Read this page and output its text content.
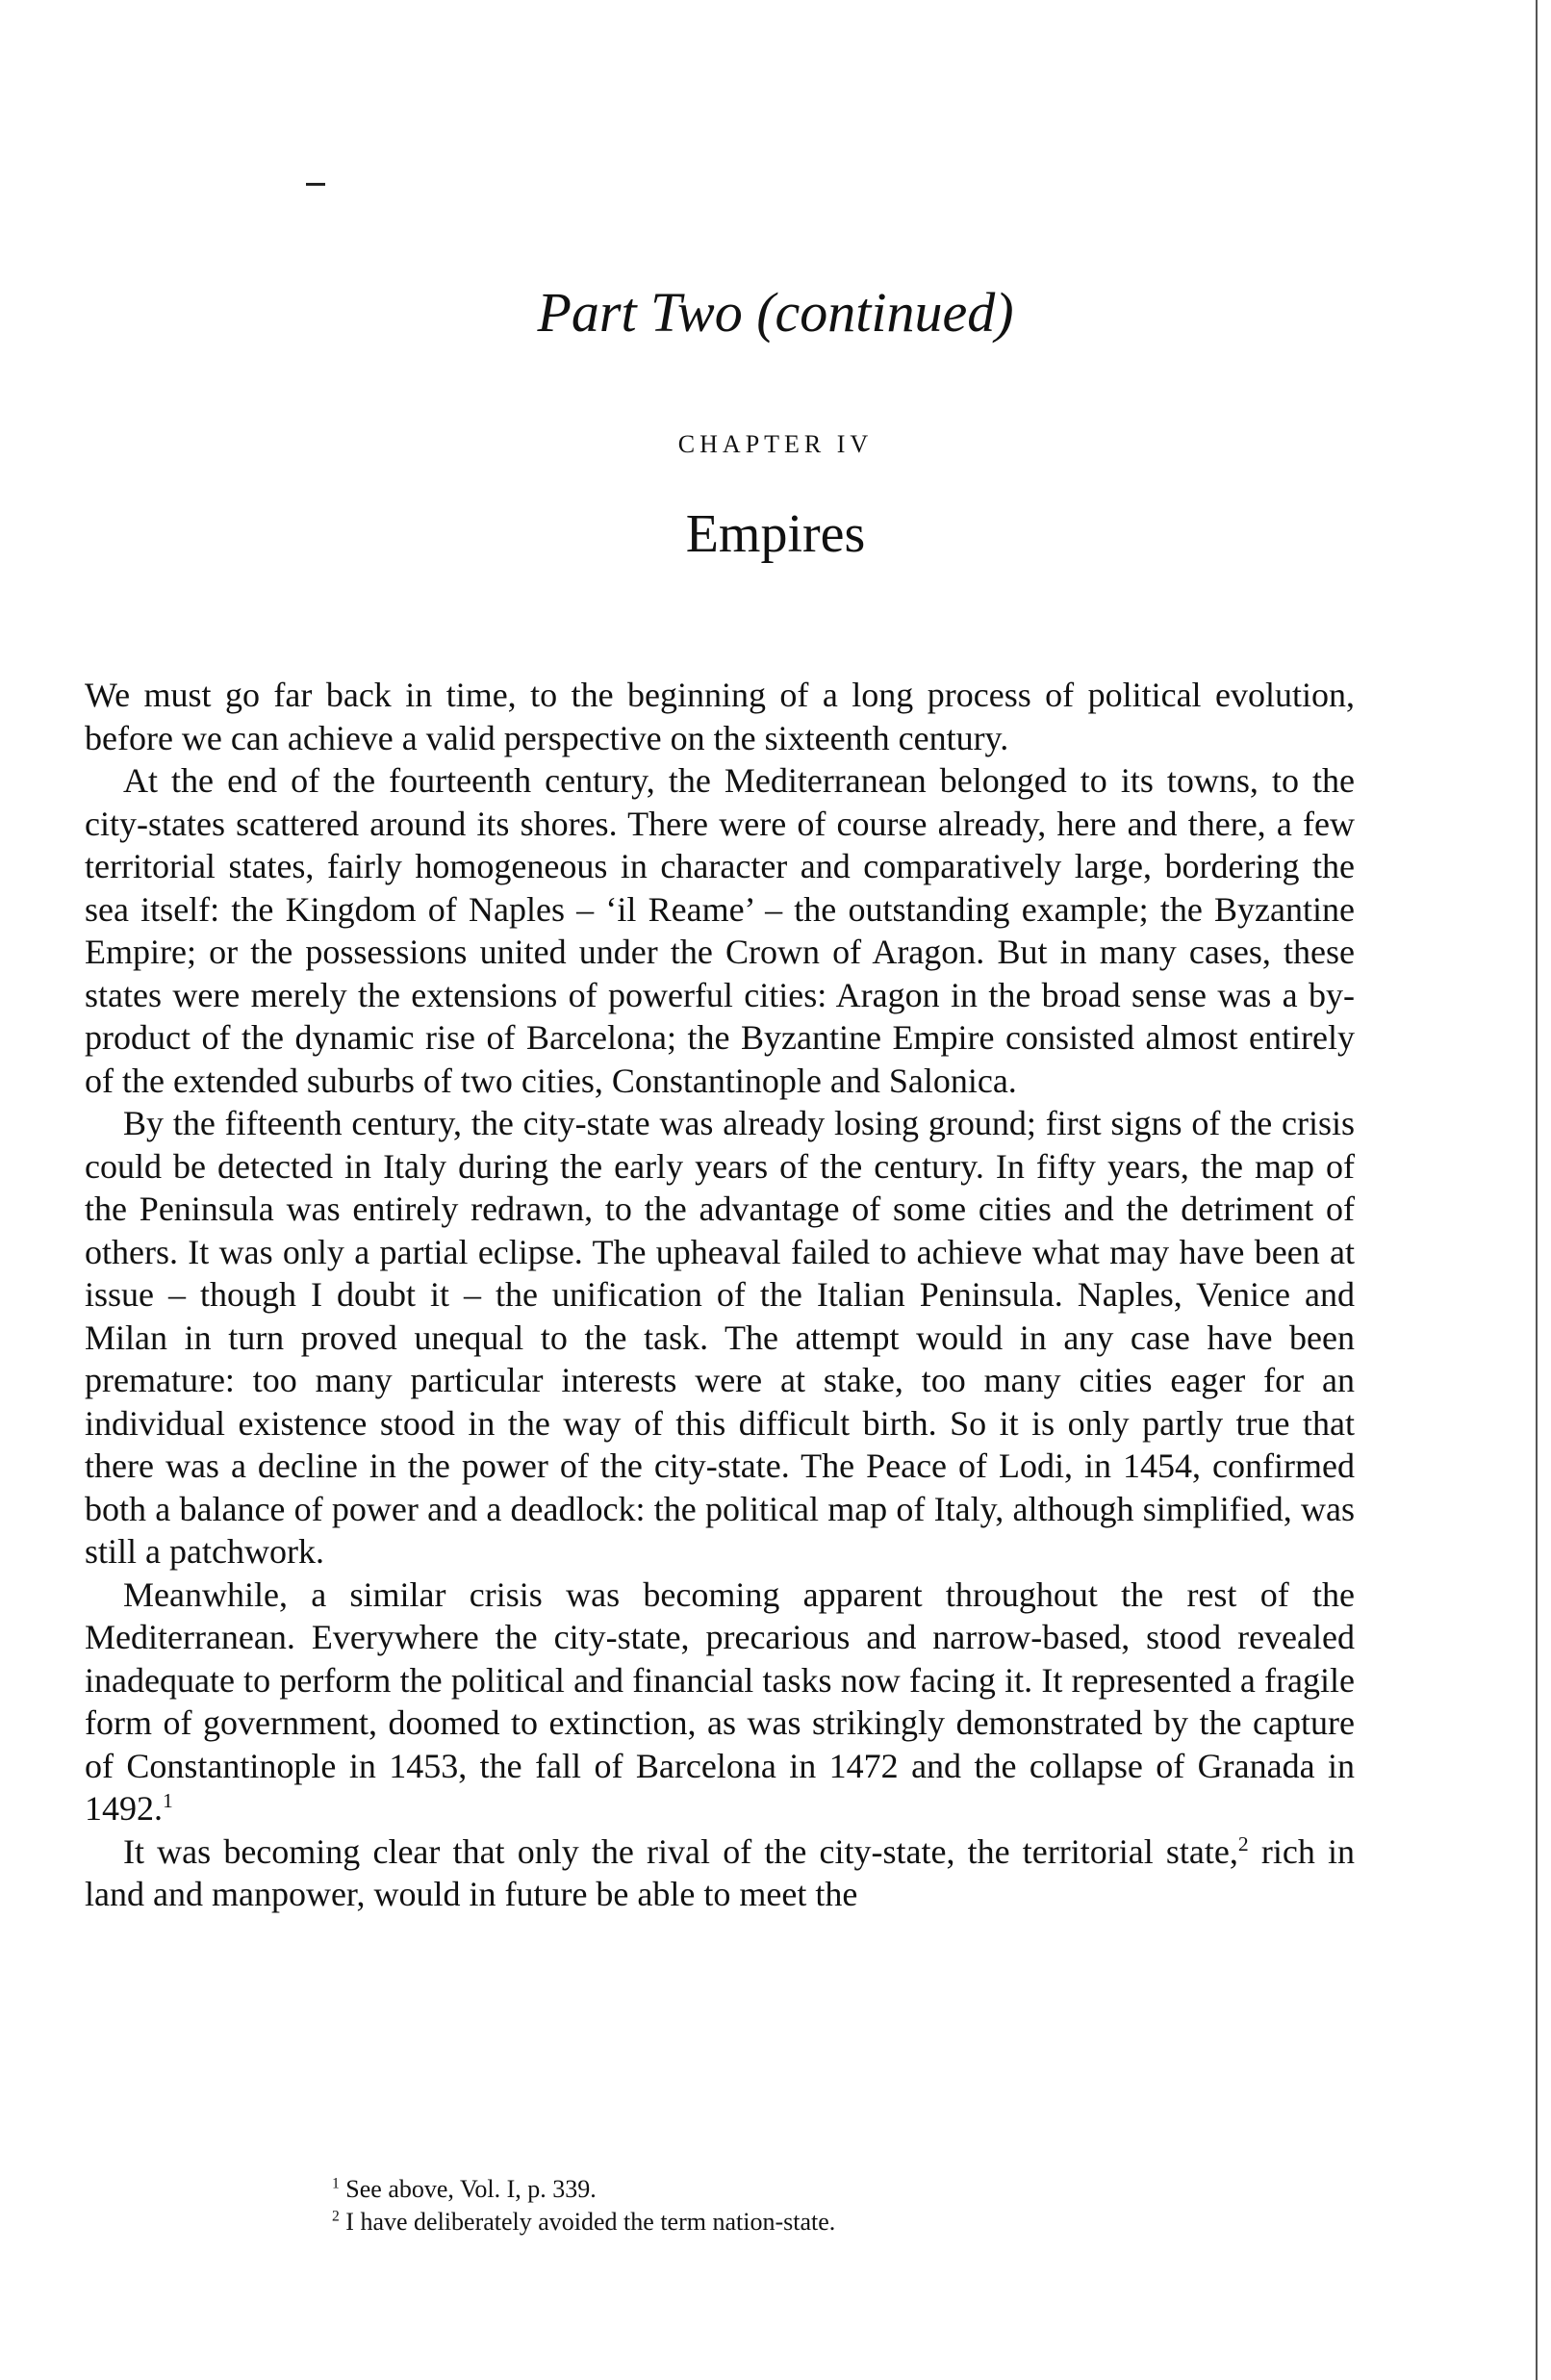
Part Two (continued)
CHAPTER IV
Empires

We must go far back in time, to the beginning of a long process of political evolution, before we can achieve a valid perspective on the sixteenth century.

At the end of the fourteenth century, the Mediterranean belonged to its towns, to the city-states scattered around its shores. There were of course already, here and there, a few territorial states, fairly homogeneous in character and comparatively large, bordering the sea itself: the Kingdom of Naples – ‘il Reame’ – the outstanding example; the Byzantine Empire; or the possessions united under the Crown of Aragon. But in many cases, these states were merely the extensions of powerful cities: Aragon in the broad sense was a by-product of the dynamic rise of Barcelona; the Byzantine Empire consisted almost entirely of the extended suburbs of two cities, Constantinople and Salonica.

By the fifteenth century, the city-state was already losing ground; first signs of the crisis could be detected in Italy during the early years of the century. In fifty years, the map of the Peninsula was entirely redrawn, to the advantage of some cities and the detriment of others. It was only a partial eclipse. The upheaval failed to achieve what may have been at issue – though I doubt it – the unification of the Italian Peninsula. Naples, Venice and Milan in turn proved unequal to the task. The attempt would in any case have been premature: too many particular interests were at stake, too many cities eager for an individual existence stood in the way of this difficult birth. So it is only partly true that there was a decline in the power of the city-state. The Peace of Lodi, in 1454, confirmed both a balance of power and a deadlock: the political map of Italy, although simplified, was still a patchwork.

Meanwhile, a similar crisis was becoming apparent throughout the rest of the Mediterranean. Everywhere the city-state, precarious and narrow-based, stood revealed inadequate to perform the political and financial tasks now facing it. It represented a fragile form of government, doomed to extinction, as was strikingly demonstrated by the capture of Constantinople in 1453, the fall of Barcelona in 1472 and the collapse of Granada in 1492.$^1$

It was becoming clear that only the rival of the city-state, the territorial state,$^2$ rich in land and manpower, would in future be able to meet the

$^1$ See above, Vol. I, p. 339.

$^2$ I have deliberately avoided the term nation-state.
